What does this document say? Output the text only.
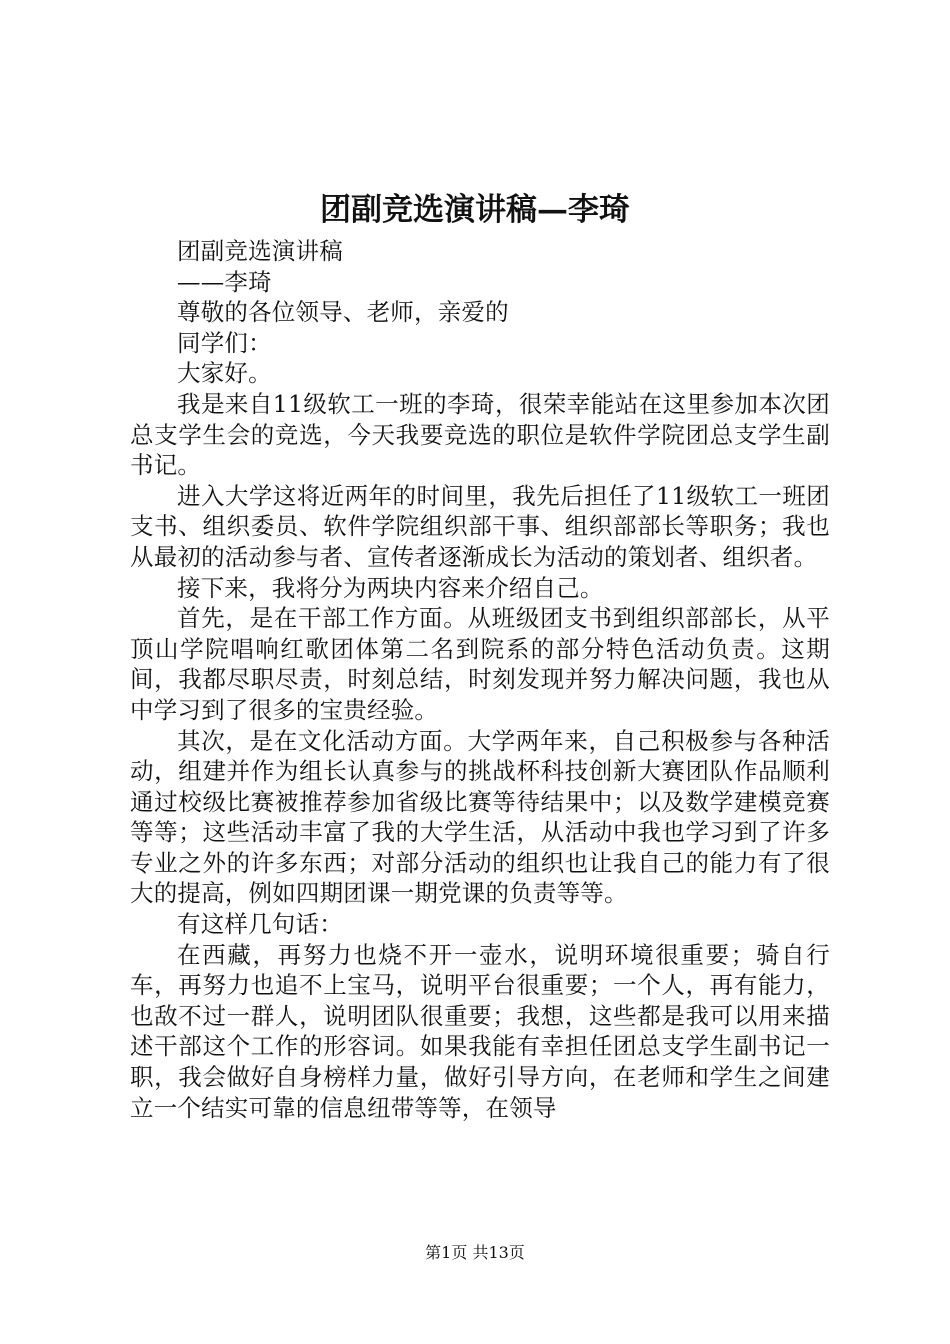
团副竞选演讲稿—李琦

团副竞选演讲稿

——李琦

尊敬的各位领导、老师，亲爱的

同学们：

大家好。

我是来自11级软工一班的李琦，很荣幸能站在这里参加本次团总支学生会的竞选，今天我要竞选的职位是软件学院团总支学生副书记。

进入大学这将近两年的时间里，我先后担任了11级软工一班团支书、组织委员、软件学院组织部干事、组织部部长等职务；我也从最初的活动参与者、宣传者逐渐成长为活动的策划者、组织者。

接下来，我将分为两块内容来介绍自己。

首先，是在干部工作方面。从班级团支书到组织部部长，从平顶山学院唱响红歌团体第二名到院系的部分特色活动负责。这期间，我都尽职尽责，时刻总结，时刻发现并努力解决问题，我也从中学习到了很多的宝贵经验。

其次，是在文化活动方面。大学两年来，自己积极参与各种活动，组建并作为组长认真参与的挑战杯科技创新大赛团队作品顺利通过校级比赛被推荐参加省级比赛等待结果中；以及数学建模竞赛等等；这些活动丰富了我的大学生活，从活动中我也学习到了许多专业之外的许多东西；对部分活动的组织也让我自己的能力有了很大的提高，例如四期团课一期党课的负责等等。

有这样几句话：

在西藏，再努力也烧不开一壶水，说明环境很重要；骑自行车，再努力也追不上宝马，说明平台很重要；一个人，再有能力，也敌不过一群人，说明团队很重要；我想，这些都是我可以用来描述干部这个工作的形容词。如果我能有幸担任团总支学生副书记一职，我会做好自身榜样力量，做好引导方向，在老师和学生之间建立一个结实可靠的信息纽带等等，在领导

第1页 共13页
